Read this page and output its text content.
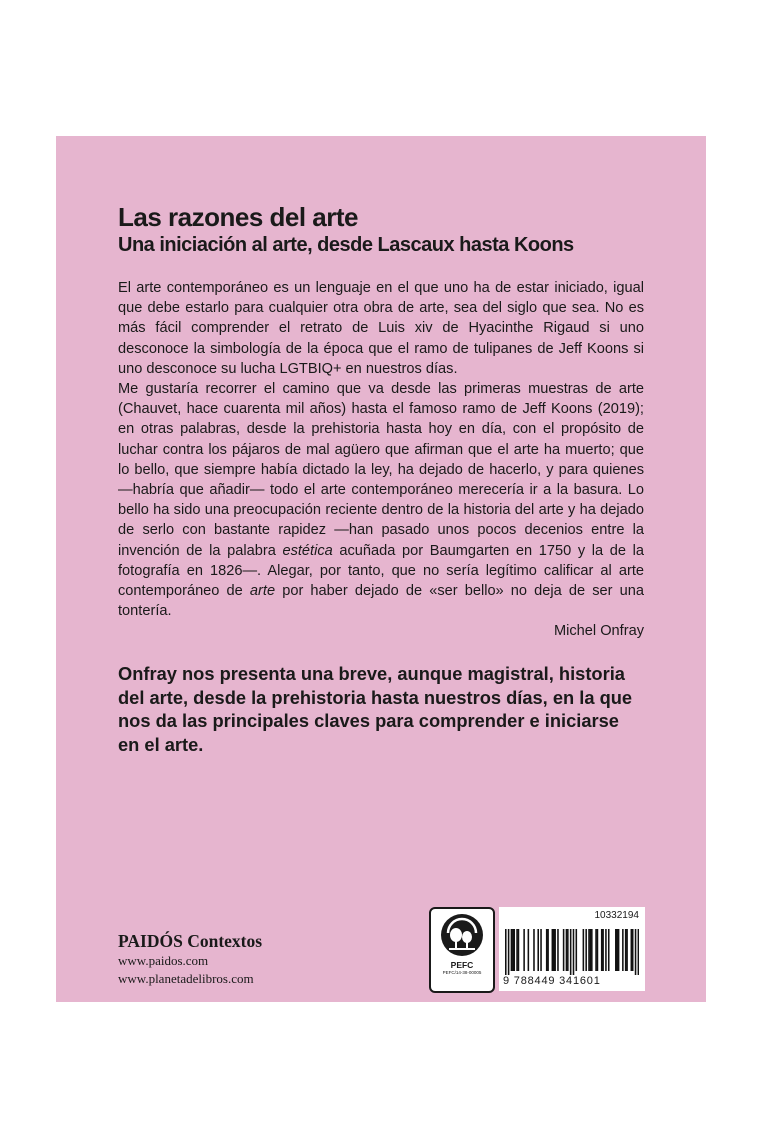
Las razones del arte
Una iniciación al arte, desde Lascaux hasta Koons

El arte contemporáneo es un lenguaje en el que uno ha de estar iniciado, igual que debe estarlo para cualquier otra obra de arte, sea del siglo que sea. No es más fácil comprender el retrato de Luis xiv de Hyacinthe Rigaud si uno desconoce la simbología de la época que el ramo de tulipanes de Jeff Koons si uno desconoce su lucha LGTBIQ+ en nuestros días.

Me gustaría recorrer el camino que va desde las primeras muestras de arte (Chauvet, hace cuarenta mil años) hasta el famoso ramo de Jeff Koons (2019); en otras palabras, desde la prehistoria hasta hoy en día, con el propósito de luchar contra los pájaros de mal agüero que afirman que el arte ha muerto; que lo bello, que siempre había dictado la ley, ha dejado de hacerlo, y para quienes —habría que añadir— todo el arte contemporáneo merecería ir a la basura. Lo bello ha sido una preocupación reciente dentro de la historia del arte y ha dejado de serlo con bastante rapidez —han pasado unos pocos decenios entre la invención de la palabra estética acuñada por Baumgarten en 1750 y la de la fotografía en 1826—. Alegar, por tanto, que no sería legítimo calificar al arte contemporáneo de arte por haber dejado de «ser bello» no deja de ser una tontería.

Michel Onfray

Onfray nos presenta una breve, aunque magistral, historia del arte, desde la prehistoria hasta nuestros días, en la que nos da las principales claves para comprender e iniciarse en el arte.
PAIDÓS Contextos
www.paidos.com
www.planetadelibros.com
PEFC
PEFC/14-38-00005
10332194
9 788449 341601
